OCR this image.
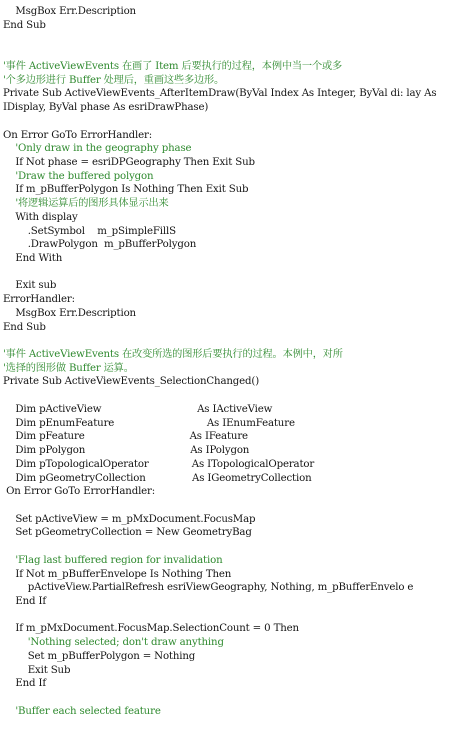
MsgBox Err.Description
End Sub
'事件 ActiveViewEvents 在画了 Item 后要执行的过程，本例中当一个或多
'个多边形进行 Buffer 处理后，重画这些多边形。
Private Sub ActiveViewEvents_AfterItemDraw(ByVal Index As Integer, ByVal di: lay As
IDisplay, ByVal phase As esriDrawPhase)
On Error GoTo ErrorHandler:
'Only draw in the geography phase
If Not phase = esriDPGeography Then Exit Sub
'Draw the buffered polygon
If m_pBufferPolygon Is Nothing Then Exit Sub
'将逻辑运算后的图形具体显示出来
With display
.SetSymbol    m_pSimpleFillS
.DrawPolygon  m_pBufferPolygon
End With
Exit sub
ErrorHandler:
MsgBox Err.Description
End Sub
'事件 ActiveViewEvents 在改变所选的图形后要执行的过程。本例中，对所
'选择的图形做 Buffer 运算。
Private Sub ActiveViewEvents_SelectionChanged()
Dim pActiveView                               As IActiveView
Dim pEnumFeature                              As IEnumFeature
Dim pFeature                                  As IFeature
Dim pPolygon                                  As IPolygon
Dim pTopologicalOperator              As ITopologicalOperator
Dim pGeometryCollection               As IGeometryCollection
On Error GoTo ErrorHandler:
Set pActiveView = m_pMxDocument.FocusMap
Set pGeometryCollection = New GeometryBag
'Flag last buffered region for invalidation
If Not m_pBufferEnvelope Is Nothing Then
pActiveView.PartialRefresh esriViewGeography, Nothing, m_pBufferEnvelo e
End If
If m_pMxDocument.FocusMap.SelectionCount = 0 Then
'Nothing selected; don't draw anything
Set m_pBufferPolygon = Nothing
Exit Sub
End If
'Buffer each selected feature
